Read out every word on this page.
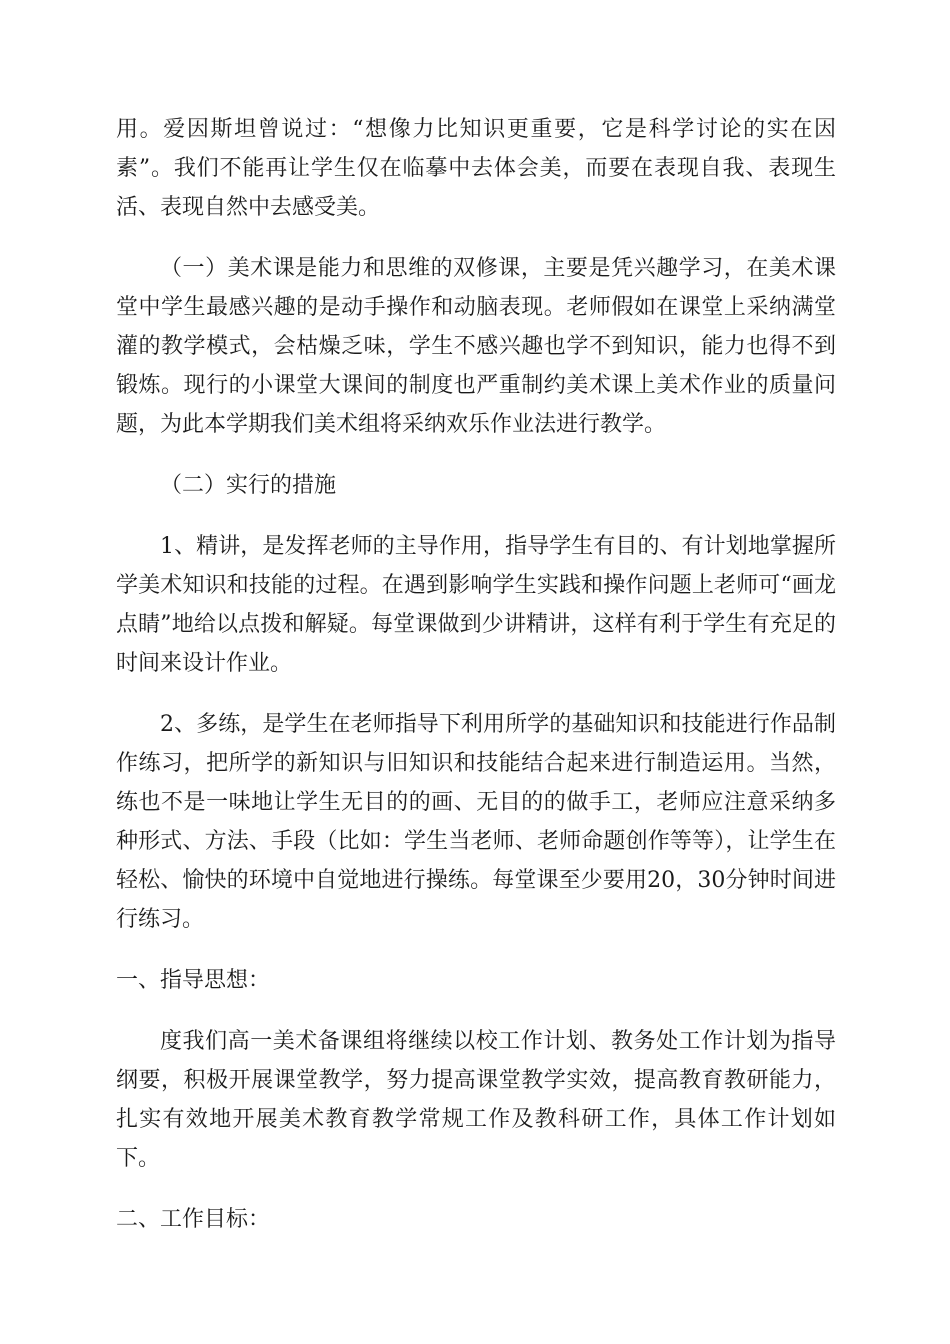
用。爱因斯坦曾说过：“想像力比知识更重要，它是科学讨论的实在因素”。我们不能再让学生仅在临摹中去体会美，而要在表现自我、表现生活、表现自然中去感受美。

（一）美术课是能力和思维的双修课，主要是凭兴趣学习，在美术课堂中学生最感兴趣的是动手操作和动脑表现。老师假如在课堂上采纳满堂灌的教学模式，会枯燥乏味，学生不感兴趣也学不到知识，能力也得不到锻炼。现行的小课堂大课间的制度也严重制约美术课上美术作业的质量问题，为此本学期我们美术组将采纳欢乐作业法进行教学。

（二）实行的措施

1、精讲，是发挥老师的主导作用，指导学生有目的、有计划地掌握所学美术知识和技能的过程。在遇到影响学生实践和操作问题上老师可“画龙点睛”地给以点拨和解疑。每堂课做到少讲精讲，这样有利于学生有充足的时间来设计作业。

2、多练，是学生在老师指导下利用所学的基础知识和技能进行作品制作练习，把所学的新知识与旧知识和技能结合起来进行制造运用。当然，练也不是一味地让学生无目的的画、无目的的做手工，老师应注意采纳多种形式、方法、手段（比如：学生当老师、老师命题创作等等），让学生在轻松、愉快的环境中自觉地进行操练。每堂课至少要用20，30分钟时间进行练习。

一、指导思想：

度我们高一美术备课组将继续以校工作计划、教务处工作计划为指导纲要，积极开展课堂教学，努力提高课堂教学实效，提高教育教研能力，扎实有效地开展美术教育教学常规工作及教科研工作，具体工作计划如下。

二、工作目标：
